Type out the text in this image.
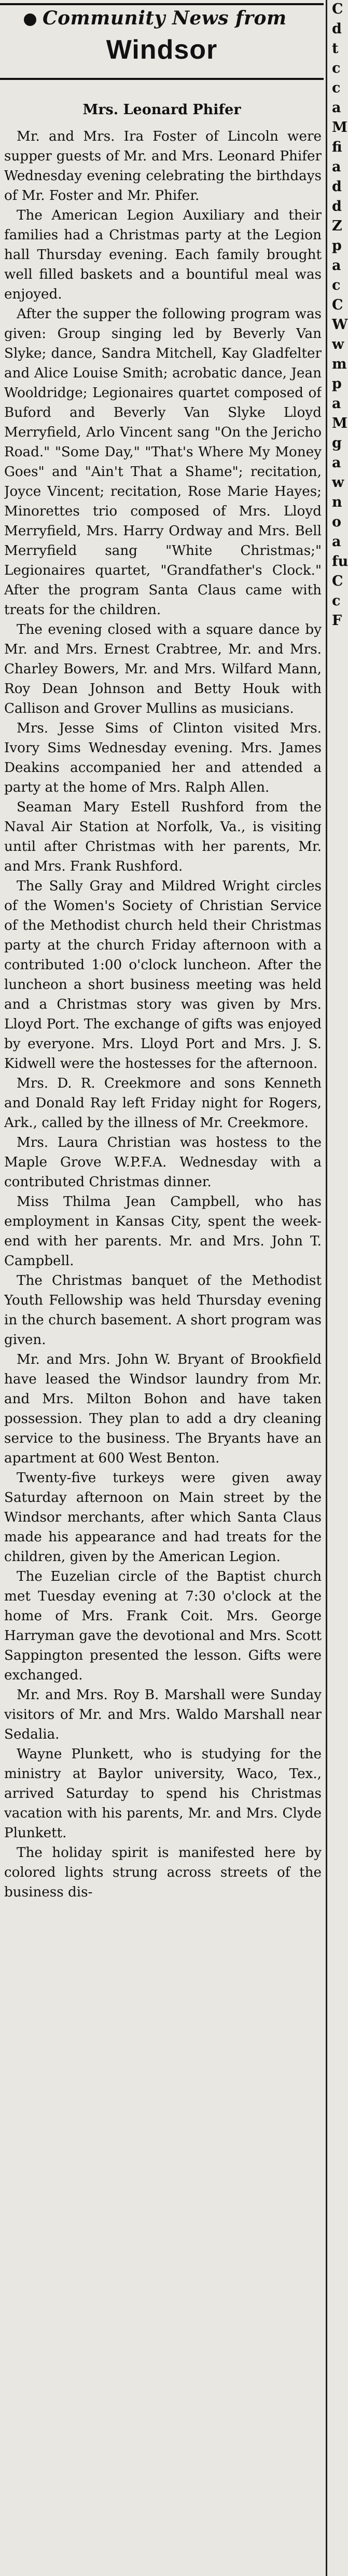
Community News from
Windsor
Mrs. Leonard Phifer

Mr. and Mrs. Ira Foster of Lincoln were supper guests of Mr. and Mrs. Leonard Phifer Wednesday evening celebrating the birthdays of Mr. Foster and Mr. Phifer.

The American Legion Auxiliary and their families had a Christmas party at the Legion hall Thursday evening. Each family brought well filled baskets and a bountiful meal was enjoyed.

After the supper the following program was given: Group singing led by Beverly Van Slyke; dance, Sandra Mitchell, Kay Gladfelter and Alice Louise Smith; acrobatic dance, Jean Wooldridge; Legionaires quartet composed of Buford and Beverly Van Slyke Lloyd Merryfield, Arlo Vincent sang "On the Jericho Road." "Some Day," "That's Where My Money Goes" and "Ain't That a Shame"; recitation, Joyce Vincent; recitation, Rose Marie Hayes; Minorettes trio composed of Mrs. Lloyd Merryfield, Mrs. Harry Ordway and Mrs. Bell Merryfield sang "White Christmas;" Legionaires quartet, "Grandfather's Clock." After the program Santa Claus came with treats for the children.

The evening closed with a square dance by Mr. and Mrs. Ernest Crabtree, Mr. and Mrs. Charley Bowers, Mr. and Mrs. Wilfard Mann, Roy Dean Johnson and Betty Houk with Callison and Grover Mullins as musicians.

Mrs. Jesse Sims of Clinton visited Mrs. Ivory Sims Wednesday evening. Mrs. James Deakins accompanied her and attended a party at the home of Mrs. Ralph Allen.

Seaman Mary Estell Rushford from the Naval Air Station at Norfolk, Va., is visiting until after Christmas with her parents, Mr. and Mrs. Frank Rushford.

The Sally Gray and Mildred Wright circles of the Women's Society of Christian Service of the Methodist church held their Christmas party at the church Friday afternoon with a contributed 1:00 o'clock luncheon. After the luncheon a short business meeting was held and a Christmas story was given by Mrs. Lloyd Port. The exchange of gifts was enjoyed by everyone. Mrs. Lloyd Port and Mrs. J. S. Kidwell were the hostesses for the afternoon.

Mrs. D. R. Creekmore and sons Kenneth and Donald Ray left Friday night for Rogers, Ark., called by the illness of Mr. Creekmore.

Mrs. Laura Christian was hostess to the Maple Grove W.P.F.A. Wednesday with a contributed Christmas dinner.

Miss Thilma Jean Campbell, who has employment in Kansas City, spent the week-end with her parents. Mr. and Mrs. John T. Campbell.

The Christmas banquet of the Methodist Youth Fellowship was held Thursday evening in the church basement. A short program was given.

Mr. and Mrs. John W. Bryant of Brookfield have leased the Windsor laundry from Mr. and Mrs. Milton Bohon and have taken possession. They plan to add a dry cleaning service to the business. The Bryants have an apartment at 600 West Benton.

Twenty-five turkeys were given away Saturday afternoon on Main street by the Windsor merchants, after which Santa Claus made his appearance and had treats for the children, given by the American Legion.

The Euzelian circle of the Baptist church met Tuesday evening at 7:30 o'clock at the home of Mrs. Frank Coit. Mrs. George Harryman gave the devotional and Mrs. Scott Sappington presented the lesson. Gifts were exchanged.

Mr. and Mrs. Roy B. Marshall were Sunday visitors of Mr. and Mrs. Waldo Marshall near Sedalia.

Wayne Plunkett, who is studying for the ministry at Baylor university, Waco, Tex., arrived Saturday to spend his Christmas vacation with his parents, Mr. and Mrs. Clyde Plunkett.

The holiday spirit is manifested here by colored lights strung across streets of the business dis-

C
d
t
c
c
a
M
fi
a
d
d
Z
p
a
c
C
W
w
m
p
a
M
g
a
w
n
o
a
fu
C
c
F
